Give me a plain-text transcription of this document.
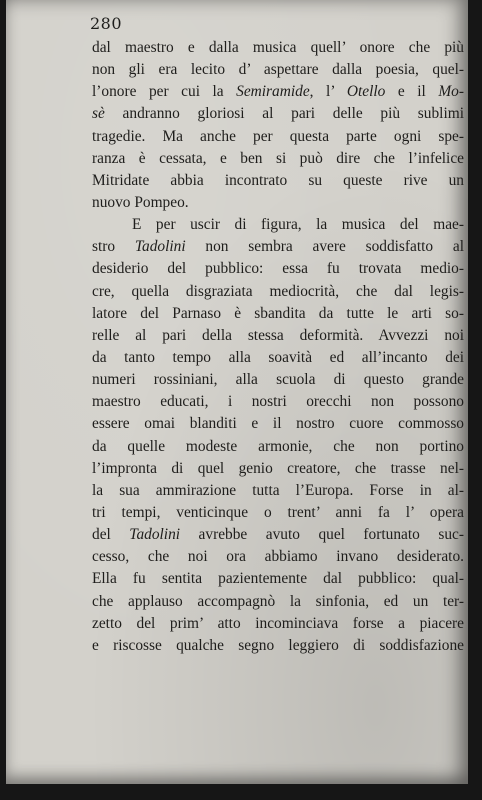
280
dal maestro e dalla musica quell’ onore che più
non gli era lecito d’ aspettare dalla poesia, quel-
l’onore per cui la Semiramide, l’ Otello e il Mo-
sè andranno gloriosi al pari delle più sublimi
tragedie. Ma anche per questa parte ogni spe-
ranza è cessata, e ben si può dire che l’infelice
Mitridate abbia incontrato su queste rive un
nuovo Pompeo.
E per uscir di figura, la musica del mae-
stro Tadolini non sembra avere soddisfatto al
desiderio del pubblico: essa fu trovata medio-
cre, quella disgraziata mediocrità, che dal legis-
latore del Parnaso è sbandita da tutte le arti so-
relle al pari della stessa deformità. Avvezzi noi
da tanto tempo alla soavità ed all’incanto dei
numeri rossiniani, alla scuola di questo grande
maestro educati, i nostri orecchi non possono
essere omai blanditi e il nostro cuore commosso
da quelle modeste armonie, che non portino
l’impronta di quel genio creatore, che trasse nel-
la sua ammirazione tutta l’Europa. Forse in al-
tri tempi, venticinque o trent’ anni fa l’ opera
del Tadolini avrebbe avuto quel fortunato suc-
cesso, che noi ora abbiamo invano desiderato.
Ella fu sentita pazientemente dal pubblico: qual-
che applauso accompagnò la sinfonia, ed un ter-
zetto del prim’ atto incominciava forse a piacere
e riscosse qualche segno leggiero di soddisfazione
